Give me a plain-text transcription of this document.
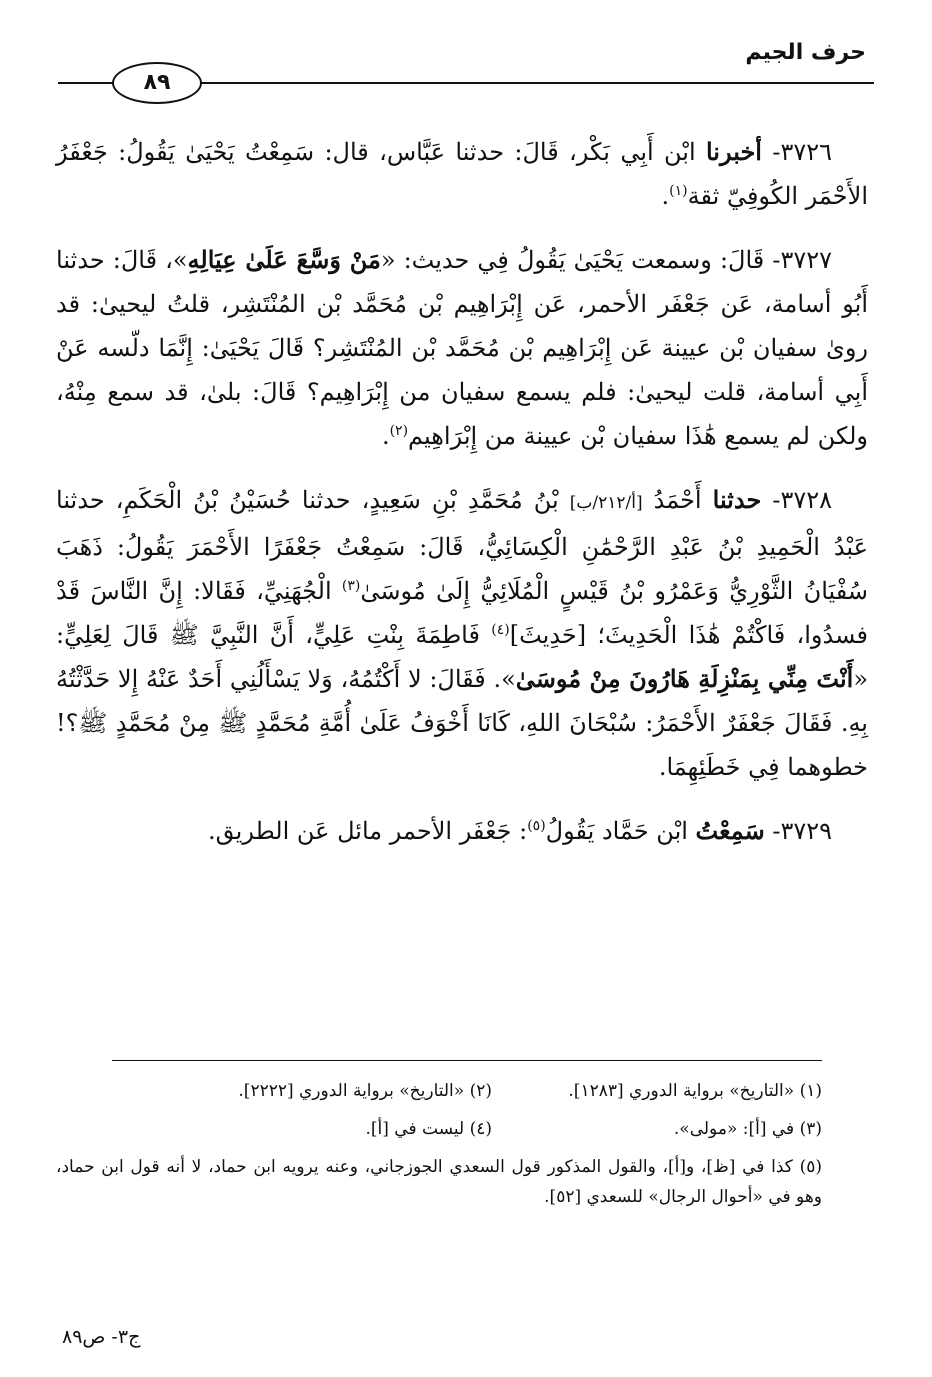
حرف الجيم
٨٩

٣٧٢٦- أخبرنا ابْن أَبِي بَكْر، قَالَ: حدثنا عَبَّاس، قال: سَمِعْتُ يَحْيَىٰ يَقُولُ: جَعْفَرُ الأَحْمَر الكُوفِيّ ثقة$^{(١)}$.

٣٧٢٧- قَالَ: وسمعت يَحْيَىٰ يَقُولُ فِي حديث: «مَنْ وَسَّعَ عَلَىٰ عِيَالِهِ»، قَالَ: حدثنا أَبُو أسامة، عَن جَعْفَر الأحمر، عَن إِبْرَاهِيم بْن مُحَمَّد بْن المُنْتَشِر، قلتُ ليحيىٰ: قد روىٰ سفيان بْن عيينة عَن إِبْرَاهِيم بْن مُحَمَّد بْن المُنْتَشِر؟ قَالَ يَحْيَىٰ: إِنَّمَا دلّسه عَنْ أَبِي أسامة، قلت ليحيىٰ: فلم يسمع سفيان من إِبْرَاهِيم؟ قَالَ: بلىٰ، قد سمع مِنْهُ، ولكن لم يسمع هَٰذَا سفيان بْن عيينة من إِبْرَاهِيم$^{(٢)}$.

٣٧٢٨- حدثنا أَحْمَدُ [أ/٢١٢/ب] بْنُ مُحَمَّدِ بْنِ سَعِيدٍ، حدثنا حُسَيْنُ بْنُ الْحَكَمِ، حدثنا عَبْدُ الْحَمِيدِ بْنُ عَبْدِ الرَّحْمَٰنِ الْكِسَائِيُّ، قَالَ: سَمِعْتُ جَعْفَرًا الأَحْمَرَ يَقُولُ: ذَهَبَ سُفْيَانُ الثَّوْرِيُّ وَعَمْرُو بْنُ قَيْسٍ الْمُلَائِيُّ إِلَىٰ مُوسَىٰ$^{(٣)}$ الْجُهَنِيِّ، فَقَالا: إِنَّ النَّاسَ قَدْ فسدُوا، فَاكْتُمْ هَٰذَا الْحَدِيثَ؛ [حَدِيثَ]$^{(٤)}$ فَاطِمَةَ بِنْتِ عَلِيٍّ، أَنَّ النَّبِيَّ ﷺ قَالَ لِعَلِيٍّ: «أَنْتَ مِنِّي بِمَنْزِلَةِ هَارُونَ مِنْ مُوسَىٰ». فَقَالَ: لا أَكْتُمُهُ، وَلا يَسْأَلُنِي أَحَدٌ عَنْهُ إِلا حَدَّثْتُهُ بِهِ. فَقَالَ جَعْفَرٌ الأَحْمَرُ: سُبْحَانَ اللهِ، كَانَا أَخْوَفُ عَلَىٰ أُمَّةِ مُحَمَّدٍ ﷺ مِنْ مُحَمَّدٍ ﷺ؟! خطوهما فِي خَطَئِهِمَا.

٣٧٢٩- سَمِعْتُ ابْن حَمَّاد يَقُولُ$^{(٥)}$: جَعْفَر الأحمر مائل عَن الطريق.

(١) «التاريخ» برواية الدوري [١٢٨٣].
(٢) «التاريخ» برواية الدوري [٢٢٢٢].
(٣) في [أ]: «مولى».
(٤) ليست في [أ].
(٥) كذا في [ظ]، و[أ]، والقول المذكور قول السعدي الجوزجاني، وعنه يرويه ابن حماد، لا أنه قول ابن حماد، وهو في «أحوال الرجال» للسعدي [٥٢].
ج٣- ص٨٩
